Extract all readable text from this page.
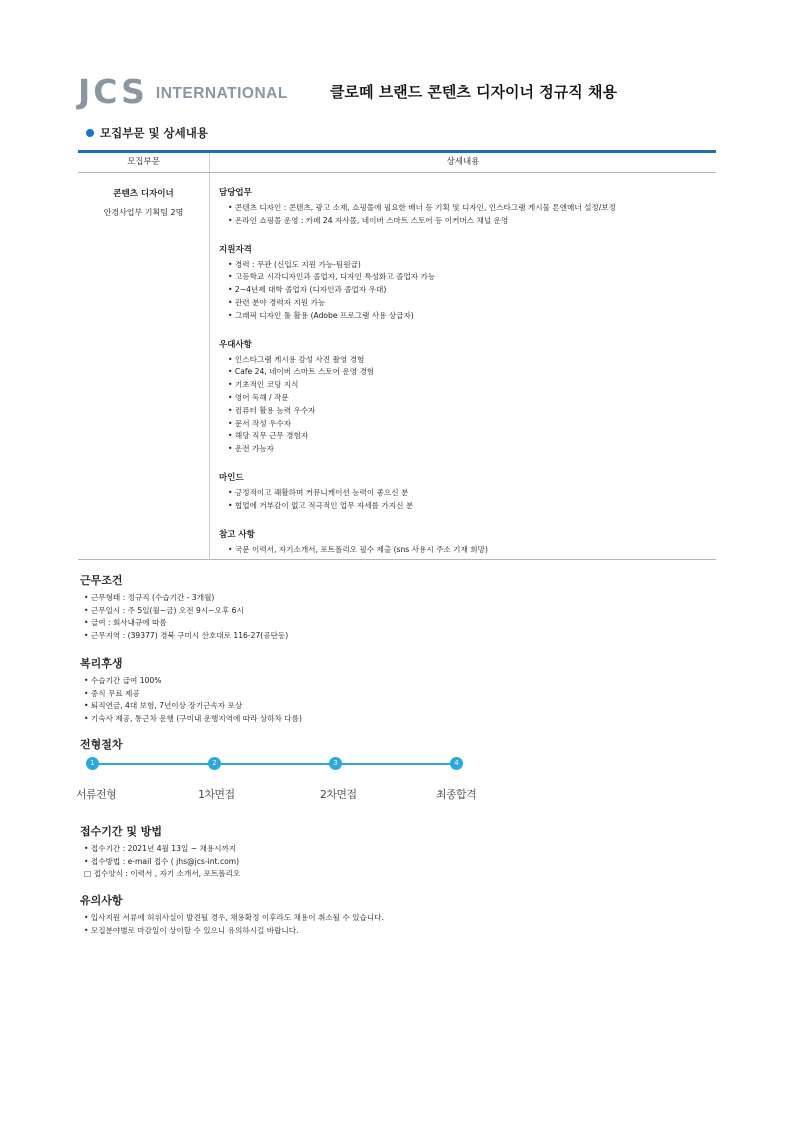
JCS INTERNATIONAL	클로떼 브랜드 콘텐츠 디자이너 정규직 채용
모집부문 및 상세내용
모집부문	상세내용
콘텐츠 디자이너
안경사업부 기획팀 2명
담당업무
• 콘텐츠 디자인 : 콘텐츠, 광고 소재, 쇼핑몰에 필요한 배너 등 기획 및 디자인, 인스타그램 게시물 톤앤매너 설정/보정
• 온라인 쇼핑몰 운영 : 카페 24 자사몰, 네이버 스마트 스토어 등 이커머스 채널 운영
지원자격
• 경력 : 무관 (신입도 지원 가능-팀원급)
• 고등학교 시각디자인과 졸업자, 디자인 특성화고 졸업자 가능
• 2~4년제 대학 졸업자 (디자인과 졸업자 우대)
• 관련 분야 경력자 지원 가능
• 그래픽 디자인 툴 활용 (Adobe 프로그램 사용 상급자)
우대사항
• 인스타그램 게시용 감성 사진 촬영 경험
• Cafe 24, 네이버 스마트 스토어 운영 경험
• 기초적인 코딩 지식
• 영어 독해 / 작문
• 컴퓨터 활용 능력 우수자
• 문서 작성 우수자
• 해당 직무 근무 경험자
• 운전 가능자
마인드
• 긍정적이고 쾌활하며 커뮤니케이션 능력이 좋으신 분
• 협업에 거부감이 없고 적극적인 업무 자세를 가지신 분
참고 사항
• 국문 이력서, 자기소개서, 포트폴리오 필수 제출 (sns 사용시 주소 기재 희망)
근무조건
• 근무형태 : 정규직 (수습기간 - 3개월)
• 근무일시 : 주 5일(월~금) 오전 9시~오후 6시
• 급여 : 회사내규에 따름
• 근무지역 : (39377) 경북 구미시 산호대로 116-27(공단동)
복리후생
• 수습기간 급여 100%
• 중식 무료 제공
• 퇴직연금, 4대 보험, 7년이상 장기근속자 포상
• 기숙사 제공, 통근차 운행 (구미내 운행지역에 따라 상하차 다름)
전형절차
1
서류전형
2
1차면접
3
2차면접
4
최종합격
접수기간 및 방법
• 접수기간 : 2021년 4월 13일 ~ 채용시까지
• 접수방법 : e-mail 접수 ( jhs@jcs-int.com)
□ 접수양식 : 이력서 , 자기 소개서, 포트폴리오
유의사항
• 입사지원 서류에 허위사실이 발견될 경우, 채용확정 이후라도 채용이 취소될 수 있습니다.
• 모집분야별로 마감일이 상이할 수 있으니 유의하시길 바랍니다.
